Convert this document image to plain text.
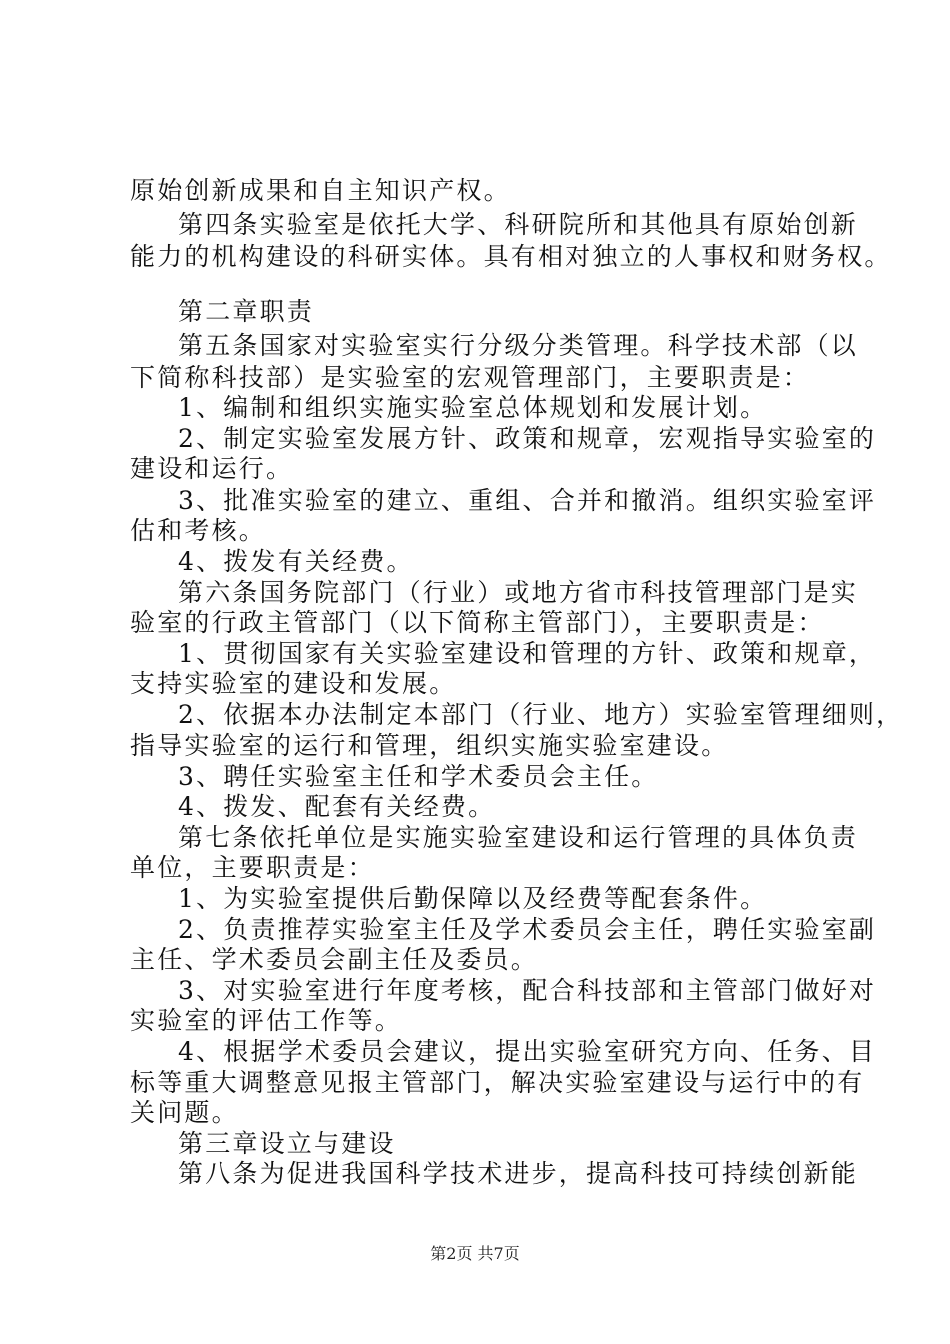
原始创新成果和自主知识产权。
第四条实验室是依托大学、科研院所和其他具有原始创新
能力的机构建设的科研实体。具有相对独立的人事权和财务权。
第二章职责
第五条国家对实验室实行分级分类管理。科学技术部（以
下简称科技部）是实验室的宏观管理部门，主要职责是：
1、编制和组织实施实验室总体规划和发展计划。
2、制定实验室发展方针、政策和规章，宏观指导实验室的
建设和运行。
3、批准实验室的建立、重组、合并和撤消。组织实验室评
估和考核。
4、拨发有关经费。
第六条国务院部门（行业）或地方省市科技管理部门是实
验室的行政主管部门（以下简称主管部门），主要职责是：
1、贯彻国家有关实验室建设和管理的方针、政策和规章，
支持实验室的建设和发展。
2、依据本办法制定本部门（行业、地方）实验室管理细则，
指导实验室的运行和管理，组织实施实验室建设。
3、聘任实验室主任和学术委员会主任。
4、拨发、配套有关经费。
第七条依托单位是实施实验室建设和运行管理的具体负责
单位，主要职责是：
1、为实验室提供后勤保障以及经费等配套条件。
2、负责推荐实验室主任及学术委员会主任，聘任实验室副
主任、学术委员会副主任及委员。
3、对实验室进行年度考核，配合科技部和主管部门做好对
实验室的评估工作等。
4、根据学术委员会建议，提出实验室研究方向、任务、目
标等重大调整意见报主管部门，解决实验室建设与运行中的有
关问题。
第三章设立与建设
第八条为促进我国科学技术进步，提高科技可持续创新能
第2页 共7页
